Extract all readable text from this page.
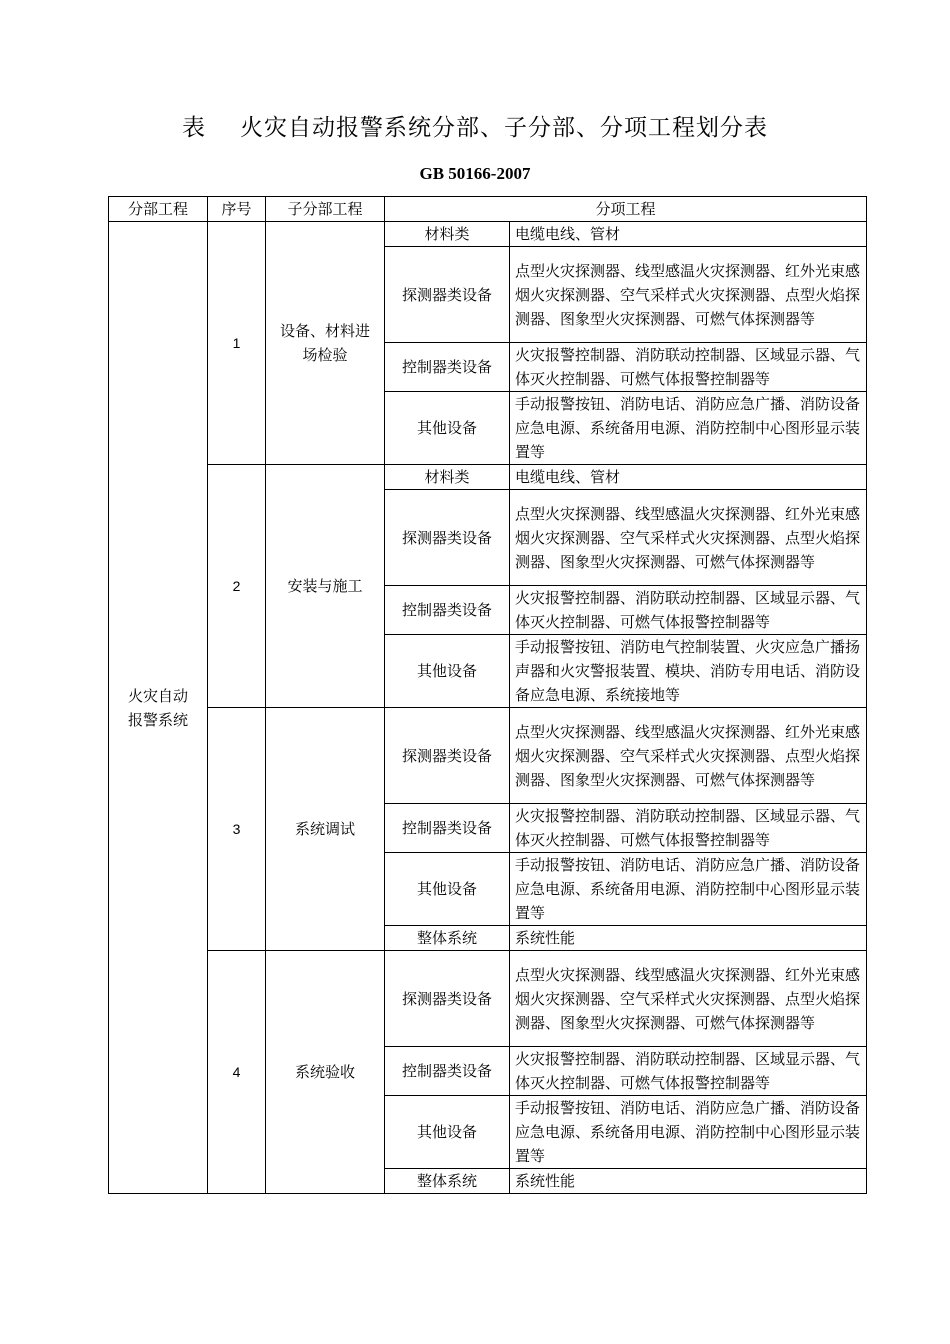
表 火灾自动报警系统分部、子分部、分项工程划分表
GB 50166-2007
分部工程	序号	子分部工程	分项工程	
火灾自动报警系统	1	设备、材料进场检验	材料类	电缆电线、管材
			探测器类设备	点型火灾探测器、线型感温火灾探测器、红外光束感烟火灾探测器、空气采样式火灾探测器、点型火焰探测器、图象型火灾探测器、可燃气体探测器等
			控制器类设备	火灾报警控制器、消防联动控制器、区域显示器、气体灭火控制器、可燃气体报警控制器等
			其他设备	手动报警按钮、消防电话、消防应急广播、消防设备应急电源、系统备用电源、消防控制中心图形显示装置等
	2	安装与施工	材料类	电缆电线、管材
			探测器类设备	点型火灾探测器、线型感温火灾探测器、红外光束感烟火灾探测器、空气采样式火灾探测器、点型火焰探测器、图象型火灾探测器、可燃气体探测器等
			控制器类设备	火灾报警控制器、消防联动控制器、区域显示器、气体灭火控制器、可燃气体报警控制器等
			其他设备	手动报警按钮、消防电气控制装置、火灾应急广播扬声器和火灾警报装置、模块、消防专用电话、消防设备应急电源、系统接地等
	3	系统调试	探测器类设备	点型火灾探测器、线型感温火灾探测器、红外光束感烟火灾探测器、空气采样式火灾探测器、点型火焰探测器、图象型火灾探测器、可燃气体探测器等
			控制器类设备	火灾报警控制器、消防联动控制器、区域显示器、气体灭火控制器、可燃气体报警控制器等
			其他设备	手动报警按钮、消防电话、消防应急广播、消防设备应急电源、系统备用电源、消防控制中心图形显示装置等
			整体系统	系统性能
	4	系统验收	探测器类设备	点型火灾探测器、线型感温火灾探测器、红外光束感烟火灾探测器、空气采样式火灾探测器、点型火焰探测器、图象型火灾探测器、可燃气体探测器等
			控制器类设备	火灾报警控制器、消防联动控制器、区域显示器、气体灭火控制器、可燃气体报警控制器等
			其他设备	手动报警按钮、消防电话、消防应急广播、消防设备应急电源、系统备用电源、消防控制中心图形显示装置等
			整体系统	系统性能
